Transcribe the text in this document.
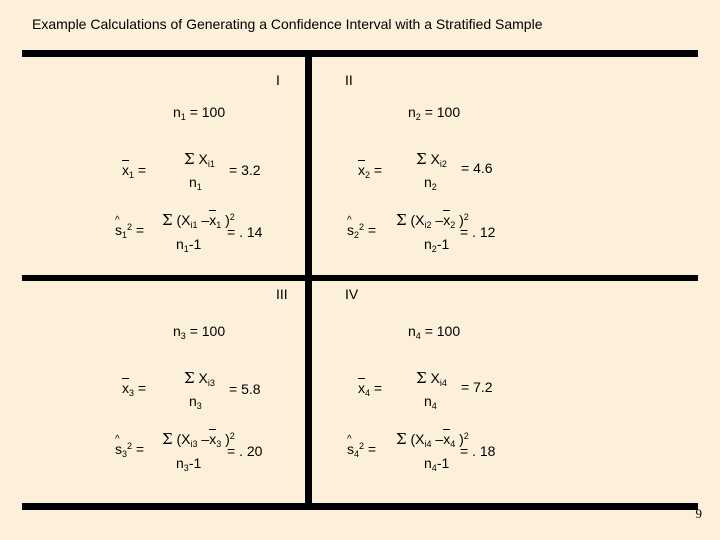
Example Calculations of Generating a Confidence Interval with a Stratified Sample
I	II
III	IV
$n_1 = 100$
$x_1$ =
Σ $X_{i1} = 3.2$
$n_1$
^ $s_1^2$ =
Σ ($X_{i1}$ $-x_1$ )$^2$
= . 14
$n_1-1$
$n_2 = 100$
$x_2$ =
Σ $X_{i2} = 4.6$
$n_2$
^ $s_2^2$ =
Σ ($X_{i2}$ $-x_2$ )$^2$
= . 12
$n_2-1$
$n_3 = 100$
$x_3$ =
Σ $X_{i3} = 5.8$
$n_3$
^ $s_3^2$ =
Σ ($X_{i3}$ $-x_3$ )$^2$
= . 20
$n_3-1$
$n_4 = 100$
$x_4$ =
Σ $X_{i4} = 7.2$
$n_4$
^ $s_4^2$ =
Σ ($X_{i4}$ $-x_4$ )$^2$
= . 18
$n_4-1$
9
